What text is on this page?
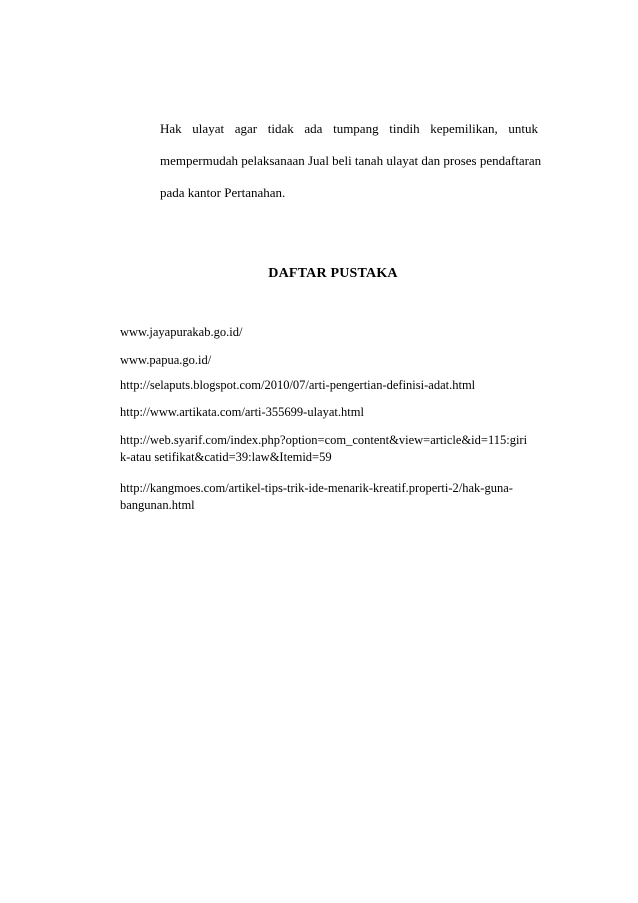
Hak ulayat agar tidak ada tumpang tindih kepemilikan, untuk
mempermudah pelaksanaan Jual beli tanah ulayat dan proses pendaftaran
pada kantor Pertanahan.
DAFTAR PUSTAKA
www.jayapurakab.go.id/
www.papua.go.id/
http://selaputs.blogspot.com/2010/07/arti-pengertian-definisi-adat.html
http://www.artikata.com/arti-355699-ulayat.html
http://web.syarif.com/index.php?option=com_content&view=article&id=115:giri
k-atau setifikat&catid=39:law&Itemid=59
http://kangmoes.com/artikel-tips-trik-ide-menarik-kreatif.properti-2/hak-guna-
bangunan.html
